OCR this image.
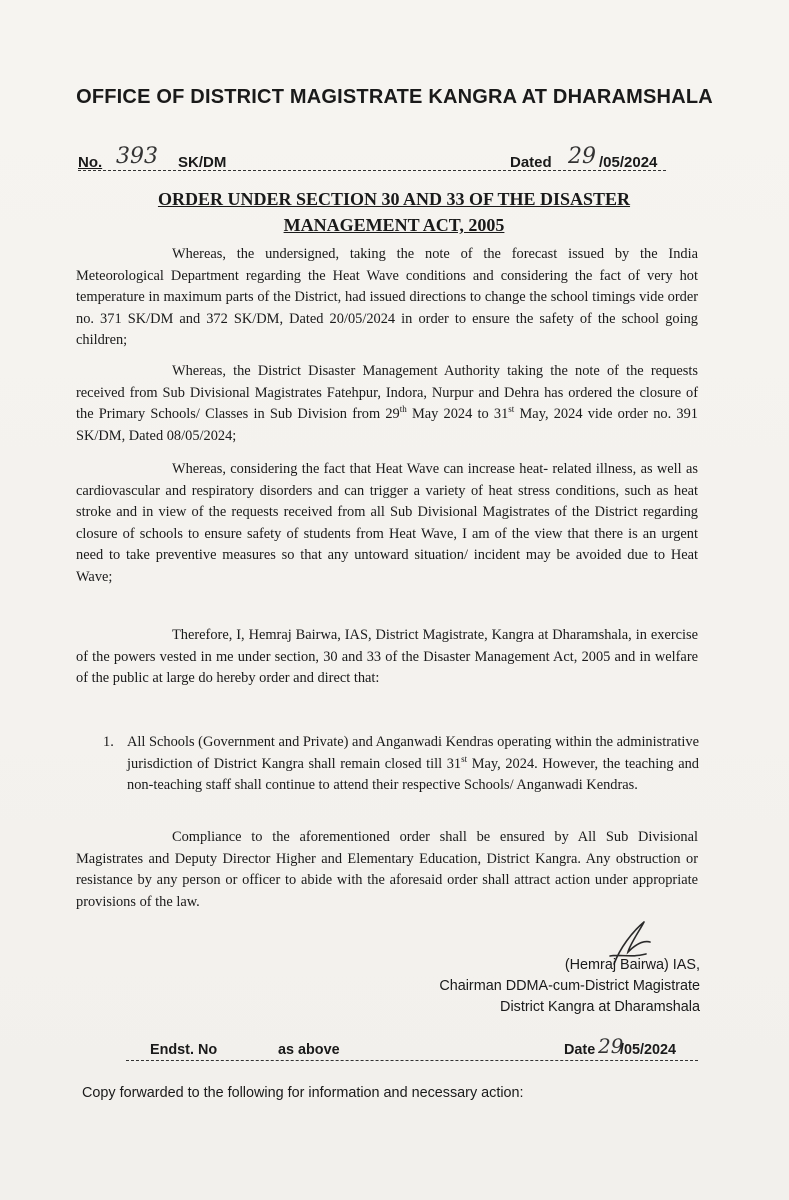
OFFICE OF DISTRICT MAGISTRATE KANGRA AT DHARAMSHALA
No. 393 SK/DM	Dated 29 /05/2024
ORDER UNDER SECTION 30 AND 33 OF THE DISASTER
MANAGEMENT ACT, 2005

Whereas, the undersigned, taking the note of the forecast issued by the India Meteorological Department regarding the Heat Wave conditions and considering the fact of very hot temperature in maximum parts of the District, had issued directions to change the school timings vide order no. 371 SK/DM and 372 SK/DM, Dated 20/05/2024 in order to ensure the safety of the school going children;

Whereas, the District Disaster Management Authority taking the note of the requests received from Sub Divisional Magistrates Fatehpur, Indora, Nurpur and Dehra has ordered the closure of the Primary Schools/ Classes in Sub Division from 29th May 2024 to 31st May, 2024 vide order no. 391 SK/DM, Dated 08/05/2024;

Whereas, considering the fact that Heat Wave can increase heat- related illness, as well as cardiovascular and respiratory disorders and can trigger a variety of heat stress conditions, such as heat stroke and in view of the requests received from all Sub Divisional Magistrates of the District regarding closure of schools to ensure safety of students from Heat Wave, I am of the view that there is an urgent need to take preventive measures so that any untoward situation/ incident may be avoided due to Heat Wave;

Therefore, I, Hemraj Bairwa, IAS, District Magistrate, Kangra at Dharamshala, in exercise of the powers vested in me under section, 30 and 33 of the Disaster Management Act, 2005 and in welfare of the public at large do hereby order and direct that:

1. All Schools (Government and Private) and Anganwadi Kendras operating within the administrative jurisdiction of District Kangra shall remain closed till 31st May, 2024. However, the teaching and non-teaching staff shall continue to attend their respective Schools/ Anganwadi Kendras.

Compliance to the aforementioned order shall be ensured by All Sub Divisional Magistrates and Deputy Director Higher and Elementary Education, District Kangra. Any obstruction or resistance by any person or officer to abide with the aforesaid order shall attract action under appropriate provisions of the law.

(Hemraj Bairwa) IAS,
Chairman DDMA-cum-District Magistrate
District Kangra at Dharamshala
Endst. No	as above	Date 29
/05/2024
Copy forwarded to the following for information and necessary action:
